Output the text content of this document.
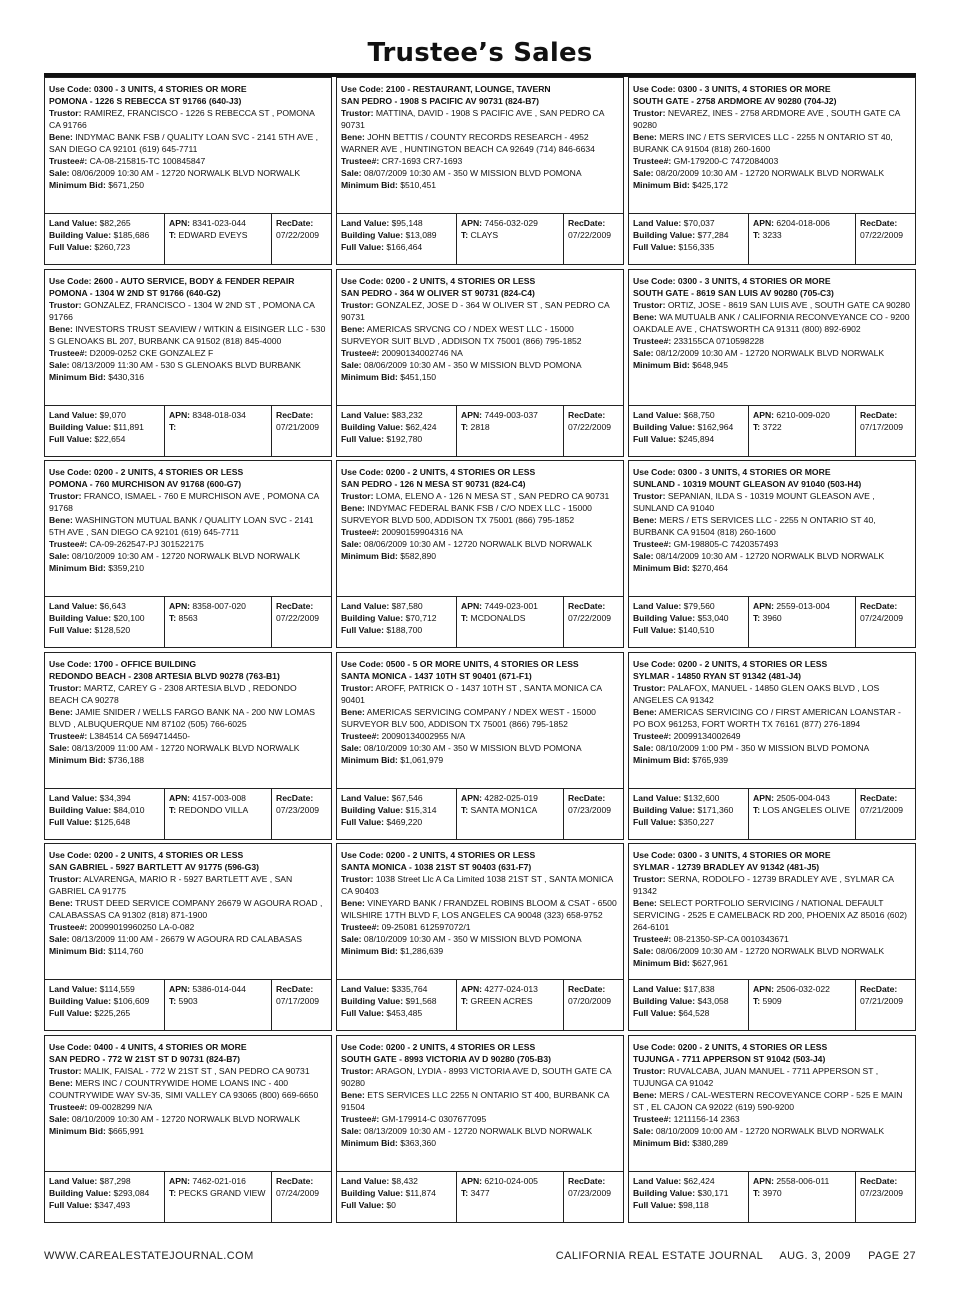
Trustee’s Sales
Use Code: 0300 - 3 UNITS, 4 STORIES OR MORE
POMONA - 1226 S REBECCA ST 91766 (640-J3)
Trustor: RAMIREZ, FRANCISCO - 1226 S REBECCA ST , POMONA CA 91766
Bene: INDYMAC BANK FSB / QUALITY LOAN SVC - 2141 5TH AVE , SAN DIEGO CA 92101 (619) 645-7711
Trustee#: CA-08-215815-TC 100845847
Sale: 08/06/2009 10:30 AM - 12720 NORWALK BLVD NORWALK
Minimum Bid: $671,250
Land Value: $82,265
Building Value: $185,686
Full Value: $260,723
APN: 8341-023-044
T: EDWARD EVEYS
RecDate:
07/22/2009
Use Code: 2100 - RESTAURANT, LOUNGE, TAVERN
SAN PEDRO - 1908 S PACIFIC AV 90731 (824-B7)
Trustor: MATTINA, DAVID - 1908 S PACIFIC AVE , SAN PEDRO CA 90731
Bene: JOHN BETTIS / COUNTY RECORDS RESEARCH - 4952 WARNER AVE , HUNTINGTON BEACH CA 92649 (714) 846-6634
Trustee#: CR7-1693 CR7-1693
Sale: 08/07/2009 10:30 AM - 350 W MISSION BLVD POMONA
Minimum Bid: $510,451
Land Value: $95,148
Building Value: $13,089
Full Value: $166,464
APN: 7456-032-029
T: CLAYS
RecDate:
07/22/2009
Use Code: 0300 - 3 UNITS, 4 STORIES OR MORE
SOUTH GATE - 2758 ARDMORE AV 90280 (704-J2)
Trustor: NEVAREZ, INES - 2758 ARDMORE AVE , SOUTH GATE CA 90280
Bene: MERS INC / ETS SERVICES LLC - 2255 N ONTARIO ST 40, BURANK CA 91504 (818) 260-1600
Trustee#: GM-179200-C 7472084003
Sale: 08/20/2009 10:30 AM - 12720 NORWALK BLVD NORWALK
Minimum Bid: $425,172
Land Value: $70,037
Building Value: $77,284
Full Value: $156,335
APN: 6204-018-006
T: 3233
RecDate:
07/22/2009
Use Code: 2600 - AUTO SERVICE, BODY & FENDER REPAIR
POMONA - 1304 W 2ND ST 91766 (640-G2)
Trustor: GONZALEZ, FRANCISCO - 1304 W 2ND ST , POMONA CA 91766
Bene: INVESTORS TRUST SEAVIEW / WITKIN & EISINGER LLC - 530 S GLENOAKS BL 207, BURBANK CA 91502 (818) 845-4000
Trustee#: D2009-0252 CKE GONZALEZ F
Sale: 08/13/2009 11:30 AM - 530 S GLENOAKS BLVD BURBANK
Minimum Bid: $430,316
Land Value: $9,070
Building Value: $11,891
Full Value: $22,654
APN: 8348-018-034
T:
RecDate:
07/21/2009
Use Code: 0200 - 2 UNITS, 4 STORIES OR LESS
SAN PEDRO - 364 W OLIVER ST 90731 (824-C4)
Trustor: GONZALEZ, JOSE D - 364 W OLIVER ST , SAN PEDRO CA 90731
Bene: AMERICAS SRVCNG CO / NDEX WEST LLC - 15000 SURVEYOR SUIT BLVD , ADDISON TX 75001 (866) 795-1852
Trustee#: 20090134002746 NA
Sale: 08/06/2009 10:30 AM - 350 W MISSION BLVD POMONA
Minimum Bid: $451,150
Land Value: $83,232
Building Value: $62,424
Full Value: $192,780
APN: 7449-003-037
T: 2818
RecDate:
07/22/2009
Use Code: 0300 - 3 UNITS, 4 STORIES OR MORE
SOUTH GATE - 8619 SAN LUIS AV 90280 (705-C3)
Trustor: ORTIZ, JOSE - 8619 SAN LUIS AVE , SOUTH GATE CA 90280
Bene: WA MUTUALB ANK / CALIFORNIA RECONVEYANCE CO - 9200 OAKDALE AVE , CHATSWORTH CA 91311 (800) 892-6902
Trustee#: 233155CA 0710598228
Sale: 08/12/2009 10:30 AM - 12720 NORWALK BLVD NORWALK
Minimum Bid: $648,945
Land Value: $68,750
Building Value: $162,964
Full Value: $245,894
APN: 6210-009-020
T: 3722
RecDate:
07/17/2009
Use Code: 0200 - 2 UNITS, 4 STORIES OR LESS
POMONA - 760 MURCHISON AV 91768 (600-G7)
Trustor: FRANCO, ISMAEL - 760 E MURCHISON AVE , POMONA CA 91768
Bene: WASHINGTON MUTUAL BANK / QUALITY LOAN SVC - 2141 5TH AVE , SAN DIEGO CA 92101 (619) 645-7711
Trustee#: CA-09-262547-PJ 301522175
Sale: 08/10/2009 10:30 AM - 12720 NORWALK BLVD NORWALK
Minimum Bid: $359,210
Land Value: $6,643
Building Value: $20,100
Full Value: $128,520
APN: 8358-007-020
T: 8563
RecDate:
07/22/2009
Use Code: 0200 - 2 UNITS, 4 STORIES OR LESS
SAN PEDRO - 126 N MESA ST 90731 (824-C4)
Trustor: LOMA, ELENO A - 126 N MESA ST , SAN PEDRO CA 90731
Bene: INDYMAC FEDERAL BANK FSB / C/O NDEX LLC - 15000 SURVEYOR BLVD 500, ADDISON TX 75001 (866) 795-1852
Trustee#: 20090159904316 NA
Sale: 08/06/2009 10:30 AM - 12720 NORWALK BLVD NORWALK
Minimum Bid: $582,890
Land Value: $87,580
Building Value: $70,712
Full Value: $188,700
APN: 7449-023-001
T: MCDONALDS
RecDate:
07/22/2009
Use Code: 0300 - 3 UNITS, 4 STORIES OR MORE
SUNLAND - 10319 MOUNT GLEASON AV 91040 (503-H4)
Trustor: SEPANIAN, ILDA S - 10319 MOUNT GLEASON AVE , SUNLAND CA 91040
Bene: MERS / ETS SERVICES LLC - 2255 N ONTARIO ST 40, BURBANK CA 91504 (818) 260-1600
Trustee#: GM-198805-C 7420357493
Sale: 08/14/2009 10:30 AM - 12720 NORWALK BLVD NORWALK
Minimum Bid: $270,464
Land Value: $79,560
Building Value: $53,040
Full Value: $140,510
APN: 2559-013-004
T: 3960
RecDate:
07/24/2009
Use Code: 1700 - OFFICE BUILDING
REDONDO BEACH - 2308 ARTESIA BLVD 90278 (763-B1)
Trustor: MARTZ, CAREY G - 2308 ARTESIA BLVD , REDONDO BEACH CA 90278
Bene: JAMIE SNIDER / WELLS FARGO BANK NA - 200 NW LOMAS BLVD , ALBUQUERQUE NM 87102 (505) 766-6025
Trustee#: L384514 CA 5694714450-
Sale: 08/13/2009 11:00 AM - 12720 NORWALK BLVD NORWALK
Minimum Bid: $736,188
Land Value: $34,394
Building Value: $84,010
Full Value: $125,648
APN: 4157-003-008
T: REDONDO VILLA
RecDate:
07/23/2009
Use Code: 0500 - 5 OR MORE UNITS, 4 STORIES OR LESS
SANTA MONICA - 1437 10TH ST 90401 (671-F1)
Trustor: AROFF, PATRICK O - 1437 10TH ST , SANTA MONICA CA 90401
Bene: AMERICAS SERVICING COMPANY / NDEX WEST - 15000 SURVEYOR BLV 500, ADDISON TX 75001 (866) 795-1852
Trustee#: 20090134002955 N/A
Sale: 08/10/2009 10:30 AM - 350 W MISSION BLVD POMONA
Minimum Bid: $1,061,979
Land Value: $67,546
Building Value: $15,314
Full Value: $469,220
APN: 4282-025-019
T: SANTA MON1CA
RecDate:
07/23/2009
Use Code: 0200 - 2 UNITS, 4 STORIES OR LESS
SYLMAR - 14850 RYAN ST 91342 (481-J4)
Trustor: PALAFOX, MANUEL - 14850 GLEN OAKS BLVD , LOS ANGELES CA 91342
Bene: AMERICAS SERVICING CO / FIRST AMERICAN LOANSTAR - PO BOX 961253, FORT WORTH TX 76161 (877) 276-1894
Trustee#: 20099134002649
Sale: 08/10/2009 1:00 PM - 350 W MISSION BLVD POMONA
Minimum Bid: $765,939
Land Value: $132,600
Building Value: $171,360
Full Value: $350,227
APN: 2505-004-043
T: LOS ANGELES OLIVE
RecDate:
07/21/2009
Use Code: 0200 - 2 UNITS, 4 STORIES OR LESS
SAN GABRIEL - 5927 BARTLETT AV 91775 (596-G3)
Trustor: ALVARENGA, MARIO R - 5927 BARTLETT AVE , SAN GABRIEL CA 91775
Bene: TRUST DEED SERVICE COMPANY 26679 W AGOURA ROAD , CALABASSAS CA 91302 (818) 871-1900
Trustee#: 20099019960250 LA-0-082
Sale: 08/13/2009 11:00 AM - 26679 W AGOURA RD CALABASAS
Minimum Bid: $114,760
Land Value: $114,559
Building Value: $106,609
Full Value: $225,265
APN: 5386-014-044
T: 5903
RecDate:
07/17/2009
Use Code: 0200 - 2 UNITS, 4 STORIES OR LESS
SANTA MONICA - 1038 21ST ST 90403 (631-F7)
Trustor: 1038 Street Llc A Ca Limited 1038 21ST ST , SANTA MONICA CA 90403
Bene: VINEYARD BANK / FRANDZEL ROBINS BLOOM & CSAT - 6500 WILSHIRE 17TH BLVD F, LOS ANGELES CA 90048 (323) 658-9752
Trustee#: 09-25081 612597072/1
Sale: 08/10/2009 10:30 AM - 350 W MISSION BLVD POMONA
Minimum Bid: $1,286,639
Land Value: $335,764
Building Value: $91,568
Full Value: $453,485
APN: 4277-024-013
T: GREEN ACRES
RecDate:
07/20/2009
Use Code: 0300 - 3 UNITS, 4 STORIES OR MORE
SYLMAR - 12739 BRADLEY AV 91342 (481-J5)
Trustor: SERNA, RODOLFO - 12739 BRADLEY AVE , SYLMAR CA 91342
Bene: SELECT PORTFOLIO SERVICING / NATIONAL DEFAULT SERVICING - 2525 E CAMELBACK RD 200, PHOENIX AZ 85016 (602) 264-6101
Trustee#: 08-21350-SP-CA 0010343671
Sale: 08/06/2009 10:30 AM - 12720 NORWALK BLVD NORWALK
Minimum Bid: $627,961
Land Value: $17,838
Building Value: $43,058
Full Value: $64,528
APN: 2506-032-022
T: 5909
RecDate:
07/21/2009
Use Code: 0400 - 4 UNITS, 4 STORIES OR MORE
SAN PEDRO - 772 W 21ST ST D 90731 (824-B7)
Trustor: MALIK, FAISAL - 772 W 21ST ST , SAN PEDRO CA 90731
Bene: MERS INC / COUNTRYWIDE HOME LOANS INC - 400 COUNTRYWIDE WAY SV-35, SIMI VALLEY CA 93065 (800) 669-6650
Trustee#: 09-0028299 N/A
Sale: 08/10/2009 10:30 AM - 12720 NORWALK BLVD NORWALK
Minimum Bid: $665,991
Land Value: $87,298
Building Value: $293,084
Full Value: $347,493
APN: 7462-021-016
T: PECKS GRAND VIEW
RecDate:
07/24/2009
Use Code: 0200 - 2 UNITS, 4 STORIES OR LESS
SOUTH GATE - 8993 VICTORIA AV D 90280 (705-B3)
Trustor: ARAGON, LYDIA - 8993 VICTORIA AVE D, SOUTH GATE CA 90280
Bene: ETS SERVICES LLC 2255 N ONTARIO ST 400, BURBANK CA 91504
Trustee#: GM-179914-C 0307677095
Sale: 08/13/2009 10:30 AM - 12720 NORWALK BLVD NORWALK
Minimum Bid: $363,360
Land Value: $8,432
Building Value: $11,874
Full Value: $0
APN: 6210-024-005
T: 3477
RecDate:
07/23/2009
Use Code: 0200 - 2 UNITS, 4 STORIES OR LESS
TUJUNGA - 7711 APPERSON ST 91042 (503-J4)
Trustor: RUVALCABA, JUAN MANUEL - 7711 APPERSON ST , TUJUNGA CA 91042
Bene: MERS / CAL-WESTERN RECOVEYANCE CORP - 525 E MAIN ST , EL CAJON CA 92022 (619) 590-9200
Trustee#: 1211156-14 2363
Sale: 08/10/2009 10:00 AM - 12720 NORWALK BLVD NORWALK
Minimum Bid: $380,289
Land Value: $62,424
Building Value: $30,171
Full Value: $98,118
APN: 2558-006-011
T: 3970
RecDate:
07/23/2009
WWW.CAREALESTATEJOURNAL.COM	CALIFORNIA REAL ESTATE JOURNAL     AUG. 3, 2009     PAGE 27
